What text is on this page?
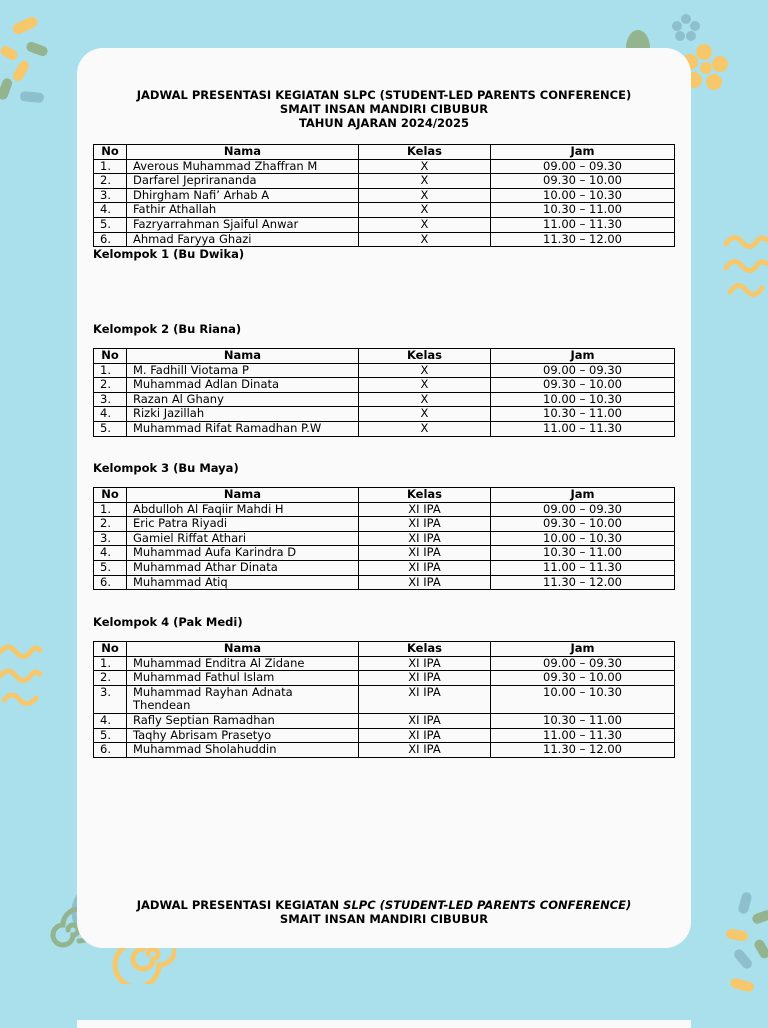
JADWAL PRESENTASI KEGIATAN SLPC (STUDENT-LED PARENTS CONFERENCE)
SMAIT INSAN MANDIRI CIBUBUR
TAHUN AJARAN 2024/2025
No	Nama	Kelas	Jam
1.	Averous Muhammad Zhaffran M	X	09.00 – 09.30
2.	Darfarel Jeprirananda	X	09.30 – 10.00
3.	Dhirgham Nafi’ Arhab A	X	10.00 – 10.30
4.	Fathir Athallah	X	10.30 – 11.00
5.	Fazryarrahman Sjaiful Anwar	X	11.00 – 11.30
6.	Ahmad Faryya Ghazi	X	11.30 – 12.00
Kelompok 1 (Bu Dwika)
Kelompok 2 (Bu Riana)
No	Nama	Kelas	Jam
1.	M. Fadhill Viotama P	X	09.00 – 09.30
2.	Muhammad Adlan Dinata	X	09.30 – 10.00
3.	Razan Al Ghany	X	10.00 – 10.30
4.	Rizki Jazillah	X	10.30 – 11.00
5.	Muhammad Rifat Ramadhan P.W	X	11.00 – 11.30
Kelompok 3 (Bu Maya)
No	Nama	Kelas	Jam
1.	Abdulloh Al Faqiir Mahdi H	XI IPA	09.00 – 09.30
2.	Eric Patra Riyadi	XI IPA	09.30 – 10.00
3.	Gamiel Riffat Athari	XI IPA	10.00 – 10.30
4.	Muhammad Aufa Karindra D	XI IPA	10.30 – 11.00
5.	Muhammad Athar Dinata	XI IPA	11.00 – 11.30
6.	Muhammad Atiq	XI IPA	11.30 – 12.00
Kelompok 4 (Pak Medi)
No	Nama	Kelas	Jam
1.	Muhammad Enditra Al Zidane	XI IPA	09.00 – 09.30
2.	Muhammad Fathul Islam	XI IPA	09.30 – 10.00
3.	Muhammad Rayhan Adnata Thendean	XI IPA	10.00 – 10.30
4.	Rafly Septian Ramadhan	XI IPA	10.30 – 11.00
5.	Taqhy Abrisam Prasetyo	XI IPA	11.00 – 11.30
6.	Muhammad Sholahuddin	XI IPA	11.30 – 12.00
JADWAL PRESENTASI KEGIATAN SLPC (STUDENT-LED PARENTS CONFERENCE)
SMAIT INSAN MANDIRI CIBUBUR
